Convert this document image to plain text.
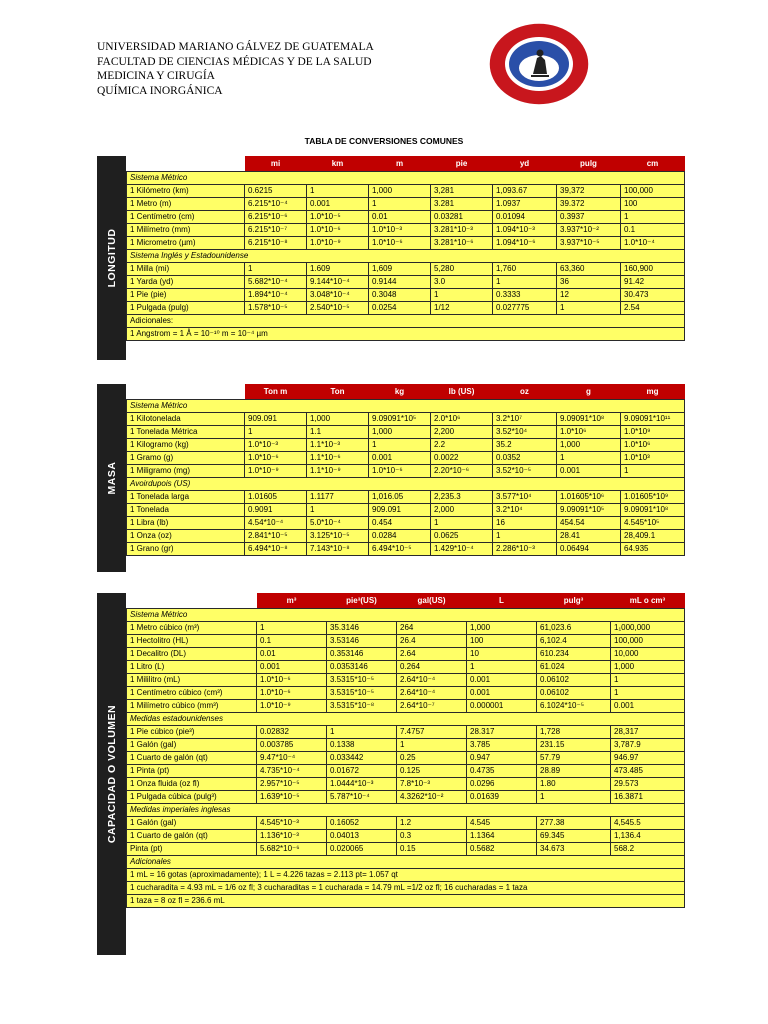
UNIVERSIDAD MARIANO GÁLVEZ DE GUATEMALA
FACULTAD DE CIENCIAS MÉDICAS Y DE LA SALUD
MEDICINA Y CIRUGÍA
QUÍMICA INORGÁNICA
TABLA DE CONVERSIONES COMUNES
LONGITUD
	mi	km	m	pie	yd	pulg	cm
Sistema Métrico							
1 Kilómetro (km)	0.6215	1	1,000	3,281	1,093.67	39,372	100,000
1 Metro (m)	6.215*10⁻⁴	0.001	1	3.281	1.0937	39.372	100
1 Centímetro (cm)	6.215*10⁻⁶	1.0*10⁻⁵	0.01	0.03281	0.01094	0.3937	1
1 Milímetro (mm)	6.215*10⁻⁷	1.0*10⁻⁶	1.0*10⁻³	3.281*10⁻³	1.094*10⁻³	3.937*10⁻²	0.1
1 Micrometro (µm)	6.215*10⁻⁸	1.0*10⁻⁹	1.0*10⁻⁶	3.281*10⁻⁶	1.094*10⁻⁶	3.937*10⁻⁵	1.0*10⁻⁴
Sistema Inglés y Estadounidense							
1 Milla (mi)	1	1.609	1,609	5,280	1,760	63,360	160,900
1 Yarda (yd)	5.682*10⁻⁴	9.144*10⁻⁴	0.9144	3.0	1	36	91.42
1 Pie (pie)	1.894*10⁻⁴	3.048*10⁻⁴	0.3048	1	0.3333	12	30.473
1 Pulgada (pulg)	1.578*10⁻⁵	2.540*10⁻⁵	0.0254	1/12	0.027775	1	2.54
Adicionales:							
1 Angstrom = 1 Å = 10⁻¹⁰ m = 10⁻⁴ µm							
MASA
	Ton m	Ton	kg	lb (US)	oz	g	mg
Sistema Métrico							
1 Kilotonelada	909.091	1,000	9.09091*10⁵	2.0*10⁶	3.2*10⁷	9.09091*10⁸	9.09091*10¹¹
1 Tonelada Métrica	1	1.1	1,000	2,200	3.52*10⁴	1.0*10⁶	1.0*10⁹
1 Kilogramo (kg)	1.0*10⁻³	1.1*10⁻³	1	2.2	35.2	1,000	1.0*10⁶
1 Gramo (g)	1.0*10⁻⁶	1.1*10⁻⁶	0.001	0.0022	0.0352	1	1.0*10³
1 Miligramo (mg)	1.0*10⁻⁹	1.1*10⁻⁹	1.0*10⁻⁶	2.20*10⁻⁶	3.52*10⁻⁵	0.001	1
Avoirdupois (US)							
1 Tonelada larga	1.01605	1.1177	1,016.05	2,235.3	3.577*10⁴	1.01605*10⁶	1.01605*10⁹
1 Tonelada	0.9091	1	909.091	2,000	3.2*10⁴	9.09091*10⁵	9.09091*10⁸
1 Libra (lb)	4.54*10⁻⁴	5.0*10⁻⁴	0.454	1	16	454.54	4.545*10⁵
1 Onza (oz)	2.841*10⁻⁵	3.125*10⁻⁵	0.0284	0.0625	1	28.41	28,409.1
1 Grano (gr)	6.494*10⁻⁸	7.143*10⁻⁸	6.494*10⁻⁵	1.429*10⁻⁴	2.286*10⁻³	0.06494	64.935
CAPACIDAD O VOLUMEN
	m³	pie³(US)	gal(US)	L	pulg³	mL o cm³
Sistema Métrico						
1 Metro cúbico (m³)	1	35.3146	264	1,000	61,023.6	1₁000,000
1 Hectolitro (HL)	0.1	3.53146	26.4	100	6,102.4	100,000
1 Decalitro (DL)	0.01	0.353146	2.64	10	610.234	10,000
1 Litro (L)	0.001	0.0353146	0.264	1	61.024	1,000
1 Mililitro (mL)	1.0*10⁻⁶	3.5315*10⁻⁵	2.64*10⁻⁴	0.001	0.06102	1
1 Centímetro cúbico (cm³)	1.0*10⁻⁶	3.5315*10⁻⁵	2.64*10⁻⁴	0.001	0.06102	1
1 Milímetro cúbico (mm³)	1.0*10⁻⁹	3.5315*10⁻⁸	2.64*10⁻⁷	0.000001	6.1024*10⁻⁵	0.001
Medidas estadounidenses						
1 Pie cúbico (pie³)	0.02832	1	7.4757	28.317	1,728	28,317
1 Galón (gal)	0.003785	0.1338	1	3.785	231.15	3,787.9
1 Cuarto de galón (qt)	9.47*10⁻⁴	0.033442	0.25	0.947	57.79	946.97
1 Pinta (pt)	4.735*10⁻⁴	0.01672	0.125	0.4735	28.89	473.485
1 Onza fluida (oz fl)	2.957*10⁻⁵	1.0444*10⁻³	7.8*10⁻³	0.0296	1.80	29.573
1 Pulgada cúbica (pulg³)	1.639*10⁻⁵	5.787*10⁻⁴	4.3262*10⁻²	0.01639	1	16.3871
Medidas imperiales inglesas						
1 Galón (gal)	4.545*10⁻³	0.16052	1.2	4.545	277.38	4,545.5
1 Cuarto de galón (qt)	1.136*10⁻³	0.04013	0.3	1.1364	69.345	1,136.4
Pinta (pt)	5.682*10⁻⁶	0.020065	0.15	0.5682	34.673	568.2
Adicionales						
1 mL = 16 gotas (aproximadamente); 1 L = 4.226 tazas = 2.113 pt= 1.057 qt						
1 cucharadita = 4.93 mL = 1/6 oz fl; 3 cucharaditas = 1 cucharada = 14.79 mL =1/2 oz fl; 16 cucharadas = 1 taza						
1 taza = 8 oz fl = 236.6 mL						
